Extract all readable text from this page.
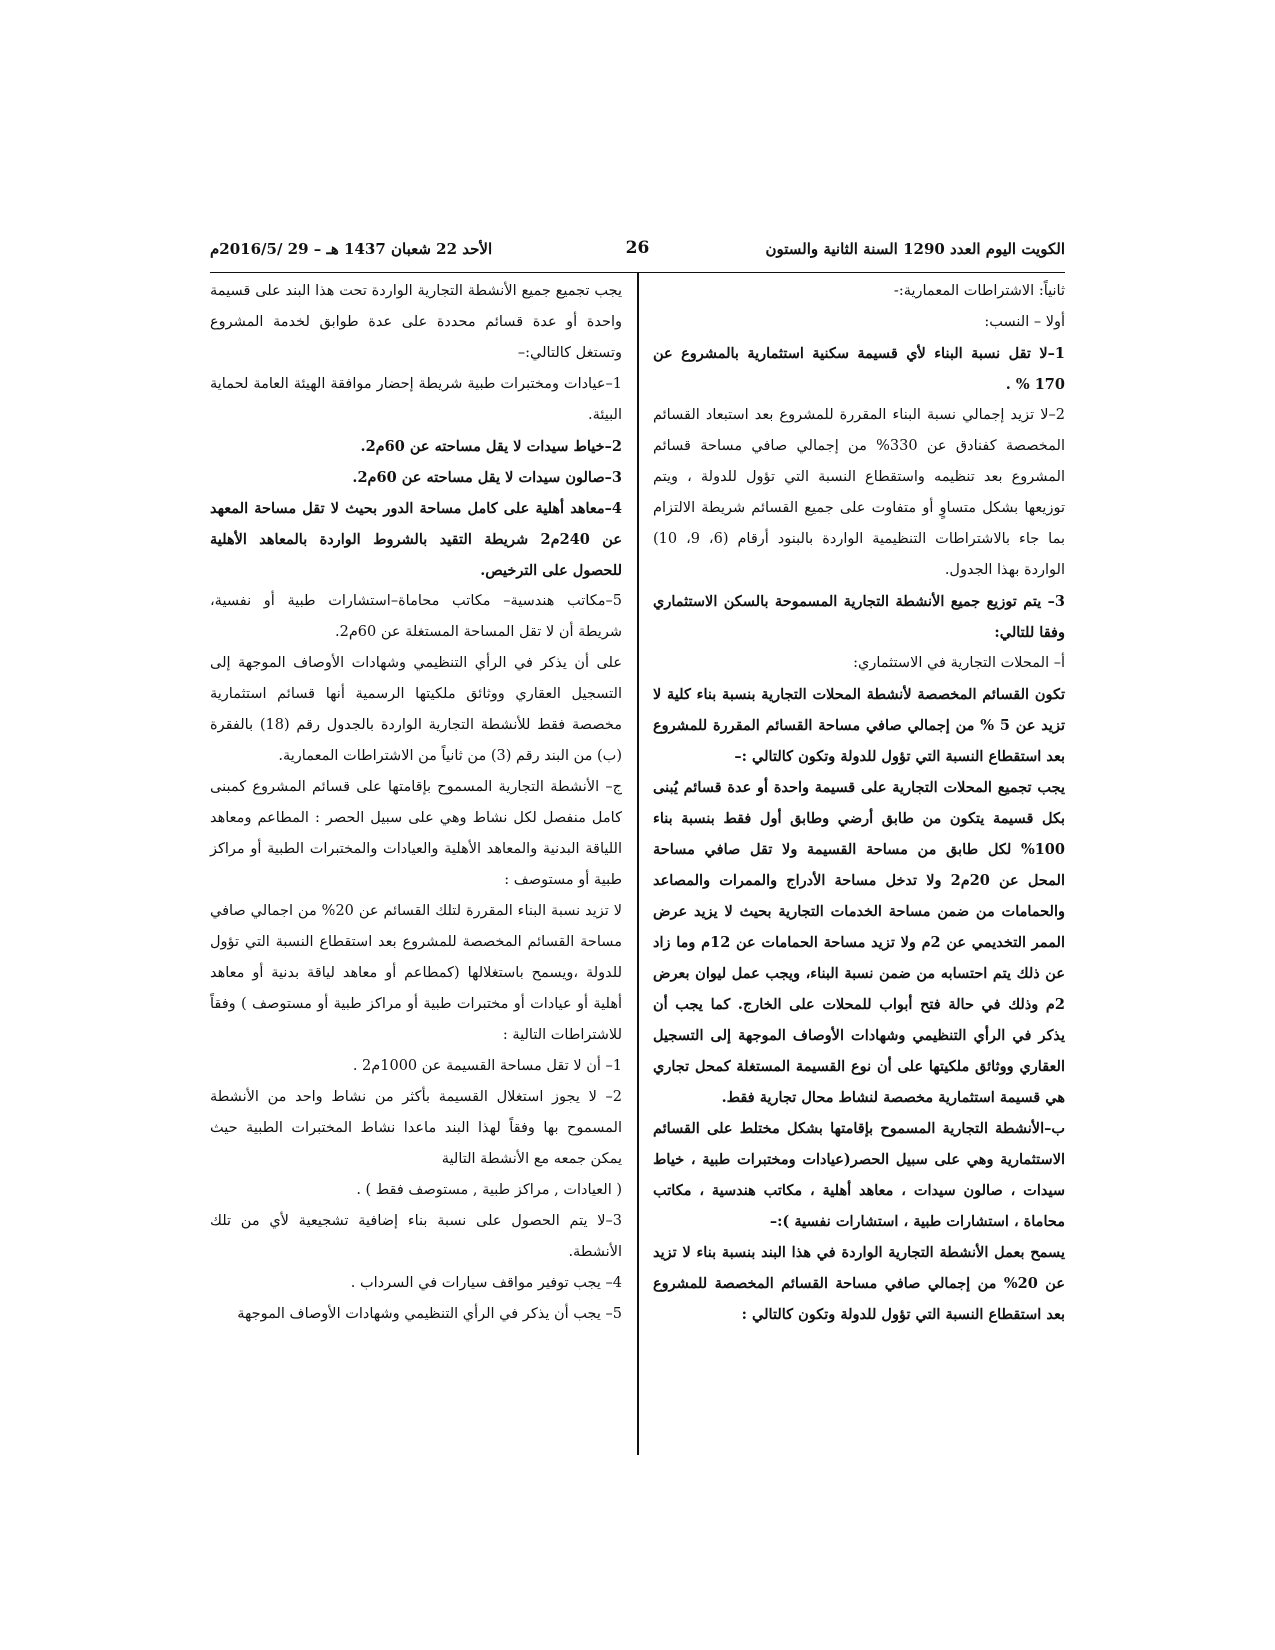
الكويت اليوم العدد 1290 السنة الثانية والستون
26
الأحد 22 شعبان 1437 هـ – 29 /2016/5م

ثانياً: الاشتراطات المعمارية:-

أولا – النسب:

1–لا تقل نسبة البناء لأي قسيمة سكنية استثمارية بالمشروع عن 170 % .

2–لا تزيد إجمالي نسبة البناء المقررة للمشروع بعد استبعاد القسائم المخصصة كفنادق عن 330% من إجمالي صافي مساحة قسائم المشروع بعد تنظيمه واستقطاع النسبة التي تؤول للدولة ، ويتم توزيعها بشكل متساوٍ أو متفاوت على جميع القسائم شريطة الالتزام بما جاء بالاشتراطات التنظيمية الواردة بالبنود أرقام (6، 9، 10) الواردة بهذا الجدول.

3– يتم توزيع جميع الأنشطة التجارية المسموحة بالسكن الاستثماري وفقا للتالي:

أ– المحلات التجارية في الاستثماري:

تكون القسائم المخصصة لأنشطة المحلات التجارية بنسبة بناء كلية لا تزيد عن 5 % من إجمالي صافي مساحة القسائم المقررة للمشروع بعد استقطاع النسبة التي تؤول للدولة وتكون كالتالي :–

يجب تجميع المحلات التجارية على قسيمة واحدة أو عدة قسائم يُبنى بكل قسيمة يتكون من طابق أرضي وطابق أول فقط بنسبة بناء 100% لكل طابق من مساحة القسيمة ولا تقل صافي مساحة المحل عن 20م2 ولا تدخل مساحة الأدراج والممرات والمصاعد والحمامات من ضمن مساحة الخدمات التجارية بحيث لا يزيد عرض الممر التخديمي عن 2م ولا تزيد مساحة الحمامات عن 12م وما زاد عن ذلك يتم احتسابه من ضمن نسبة البناء، ويجب عمل ليوان بعرض 2م وذلك في حالة فتح أبواب للمحلات على الخارج. كما يجب أن يذكر في الرأي التنظيمي وشهادات الأوصاف الموجهة إلى التسجيل العقاري ووثائق ملكيتها على أن نوع القسيمة المستغلة كمحل تجاري هي قسيمة استثمارية مخصصة لنشاط محال تجارية فقط.

ب–الأنشطة التجارية المسموح بإقامتها بشكل مختلط على القسائم الاستثمارية وهي على سبيل الحصر(عيادات ومختبرات طبية ، خياط سيدات ، صالون سيدات ، معاهد أهلية ، مكاتب هندسية ، مكاتب محاماة ، استشارات طبية ، استشارات نفسية ):–

يسمح بعمل الأنشطة التجارية الواردة في هذا البند بنسبة بناء لا تزيد عن 20% من إجمالي صافي مساحة القسائم المخصصة للمشروع بعد استقطاع النسبة التي تؤول للدولة وتكون كالتالي :

يجب تجميع جميع الأنشطة التجارية الواردة تحت هذا البند على قسيمة واحدة أو عدة قسائم محددة على عدة طوابق لخدمة المشروع وتستغل كالتالي:–

1–عيادات ومختبرات طبية شريطة إحضار موافقة الهيئة العامة لحماية البيئة.

2–خياط سيدات لا يقل مساحته عن 60م2.

3–صالون سيدات لا يقل مساحته عن 60م2.

4–معاهد أهلية على كامل مساحة الدور بحيث لا تقل مساحة المعهد عن 240م2 شريطة التقيد بالشروط الواردة بالمعاهد الأهلية للحصول على الترخيص.

5–مكاتب هندسية– مكاتب محاماة–استشارات طبية أو نفسية، شريطة أن لا تقل المساحة المستغلة عن 60م2.

على أن يذكر في الرأي التنظيمي وشهادات الأوصاف الموجهة إلى التسجيل العقاري ووثائق ملكيتها الرسمية أنها قسائم استثمارية مخصصة فقط للأنشطة التجارية الواردة بالجدول رقم (18) بالفقرة (ب) من البند رقم (3) من ثانياً من الاشتراطات المعمارية.

ج– الأنشطة التجارية المسموح بإقامتها على قسائم المشروع كمبنى كامل منفصل لكل نشاط وهي على سبيل الحصر : المطاعم ومعاهد اللياقة البدنية والمعاهد الأهلية والعيادات والمختبرات الطبية أو مراكز طبية أو مستوصف :

لا تزيد نسبة البناء المقررة لتلك القسائم عن 20% من اجمالي صافي مساحة القسائم المخصصة للمشروع بعد استقطاع النسبة التي تؤول للدولة ،ويسمح باستغلالها (كمطاعم أو معاهد لياقة بدنية أو معاهد أهلية أو عيادات أو مختبرات طبية أو مراكز طبية أو مستوصف ) وفقاً للاشتراطات التالية :

1– أن لا تقل مساحة القسيمة عن 1000م2 .

2– لا يجوز استغلال القسيمة بأكثر من نشاط واحد من الأنشطة المسموح بها وفقاً لهذا البند ماعدا نشاط المختبرات الطبية حيث يمكن جمعه مع الأنشطة التالية

( العيادات , مراكز طبية , مستوصف فقط ) .

3–لا يتم الحصول على نسبة بناء إضافية تشجيعية لأي من تلك الأنشطة.

4– يجب توفير مواقف سيارات في السرداب .

5– يجب أن يذكر في الرأي التنظيمي وشهادات الأوصاف الموجهة
